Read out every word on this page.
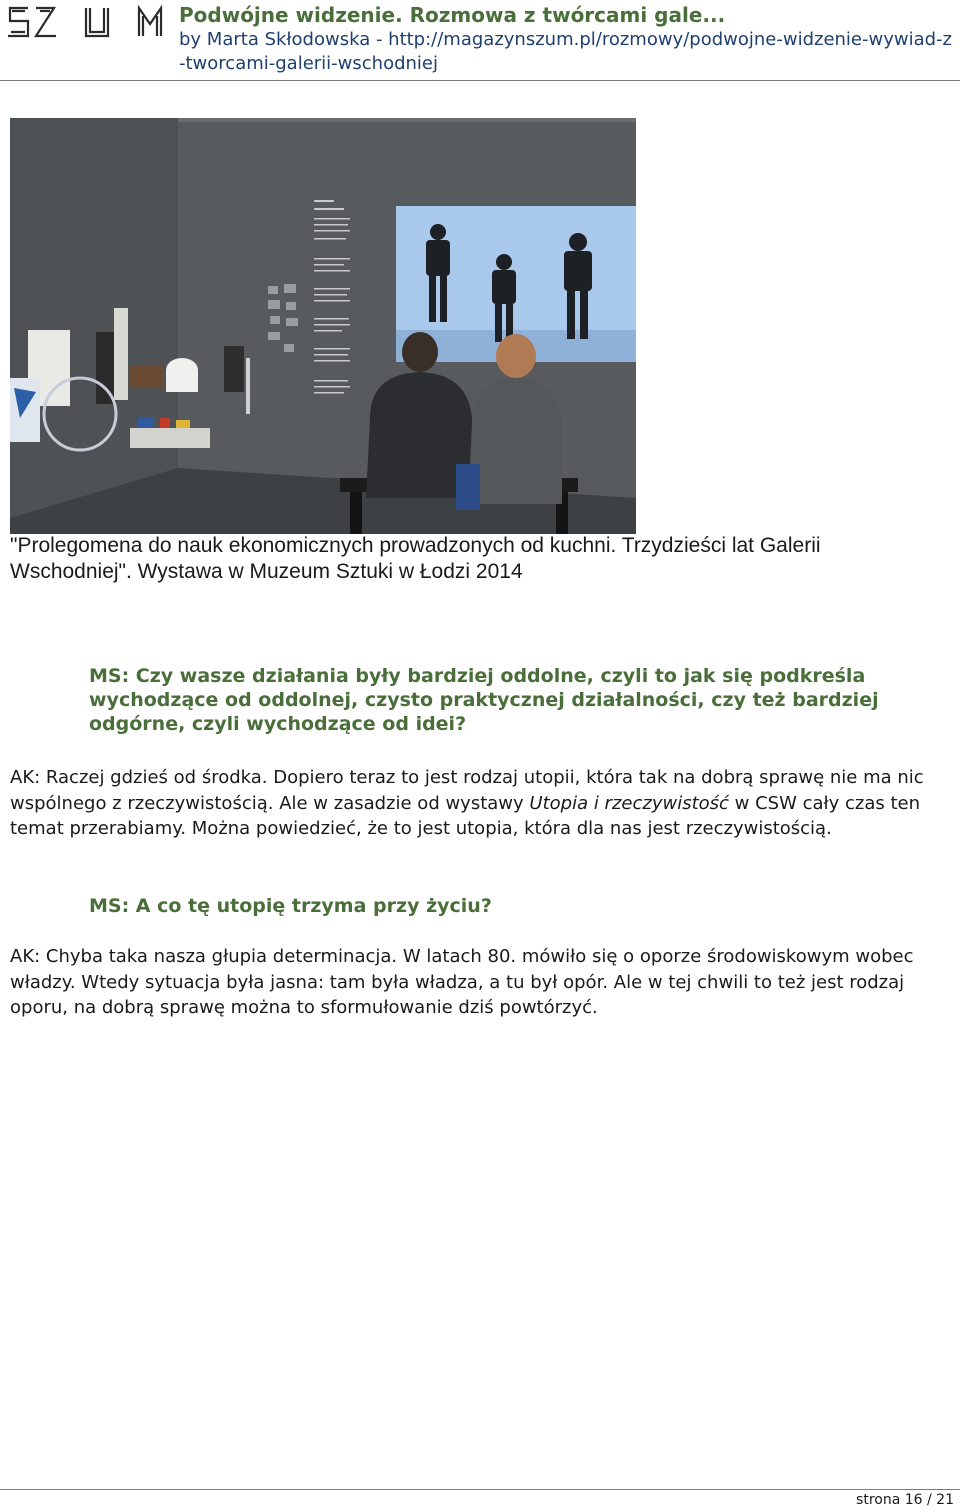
Podwójne widzenie. Rozmowa z twórcami gale...
by Marta Skłodowska - http://magazynszum.pl/rozmowy/podwojne-widzenie-wywiad-z-tworcami-galerii-wschodniej
"Prolegomena do nauk ekonomicznych prowadzonych od kuchni. Trzydzieści lat Galerii Wschodniej". Wystawa w Muzeum Sztuki w Łodzi 2014
MS: Czy wasze działania były bardziej oddolne, czyli to jak się podkreśla wychodzące od oddolnej, czysto praktycznej działalności, czy też bardziej odgórne, czyli wychodzące od idei?
AK: Raczej gdzieś od środka. Dopiero teraz to jest rodzaj utopii, która tak na dobrą sprawę nie ma nic wspólnego z rzeczywistością. Ale w zasadzie od wystawy Utopia i rzeczywistość w CSW cały czas ten temat przerabiamy. Można powiedzieć, że to jest utopia, która dla nas jest rzeczywistością.
MS: A co tę utopię trzyma przy życiu?
AK: Chyba taka nasza głupia determinacja. W latach 80. mówiło się o oporze środowiskowym wobec władzy. Wtedy sytuacja była jasna: tam była władza, a tu był opór. Ale w tej chwili to też jest rodzaj oporu, na dobrą sprawę można to sformułowanie dziś powtórzyć.
strona 16 / 21
